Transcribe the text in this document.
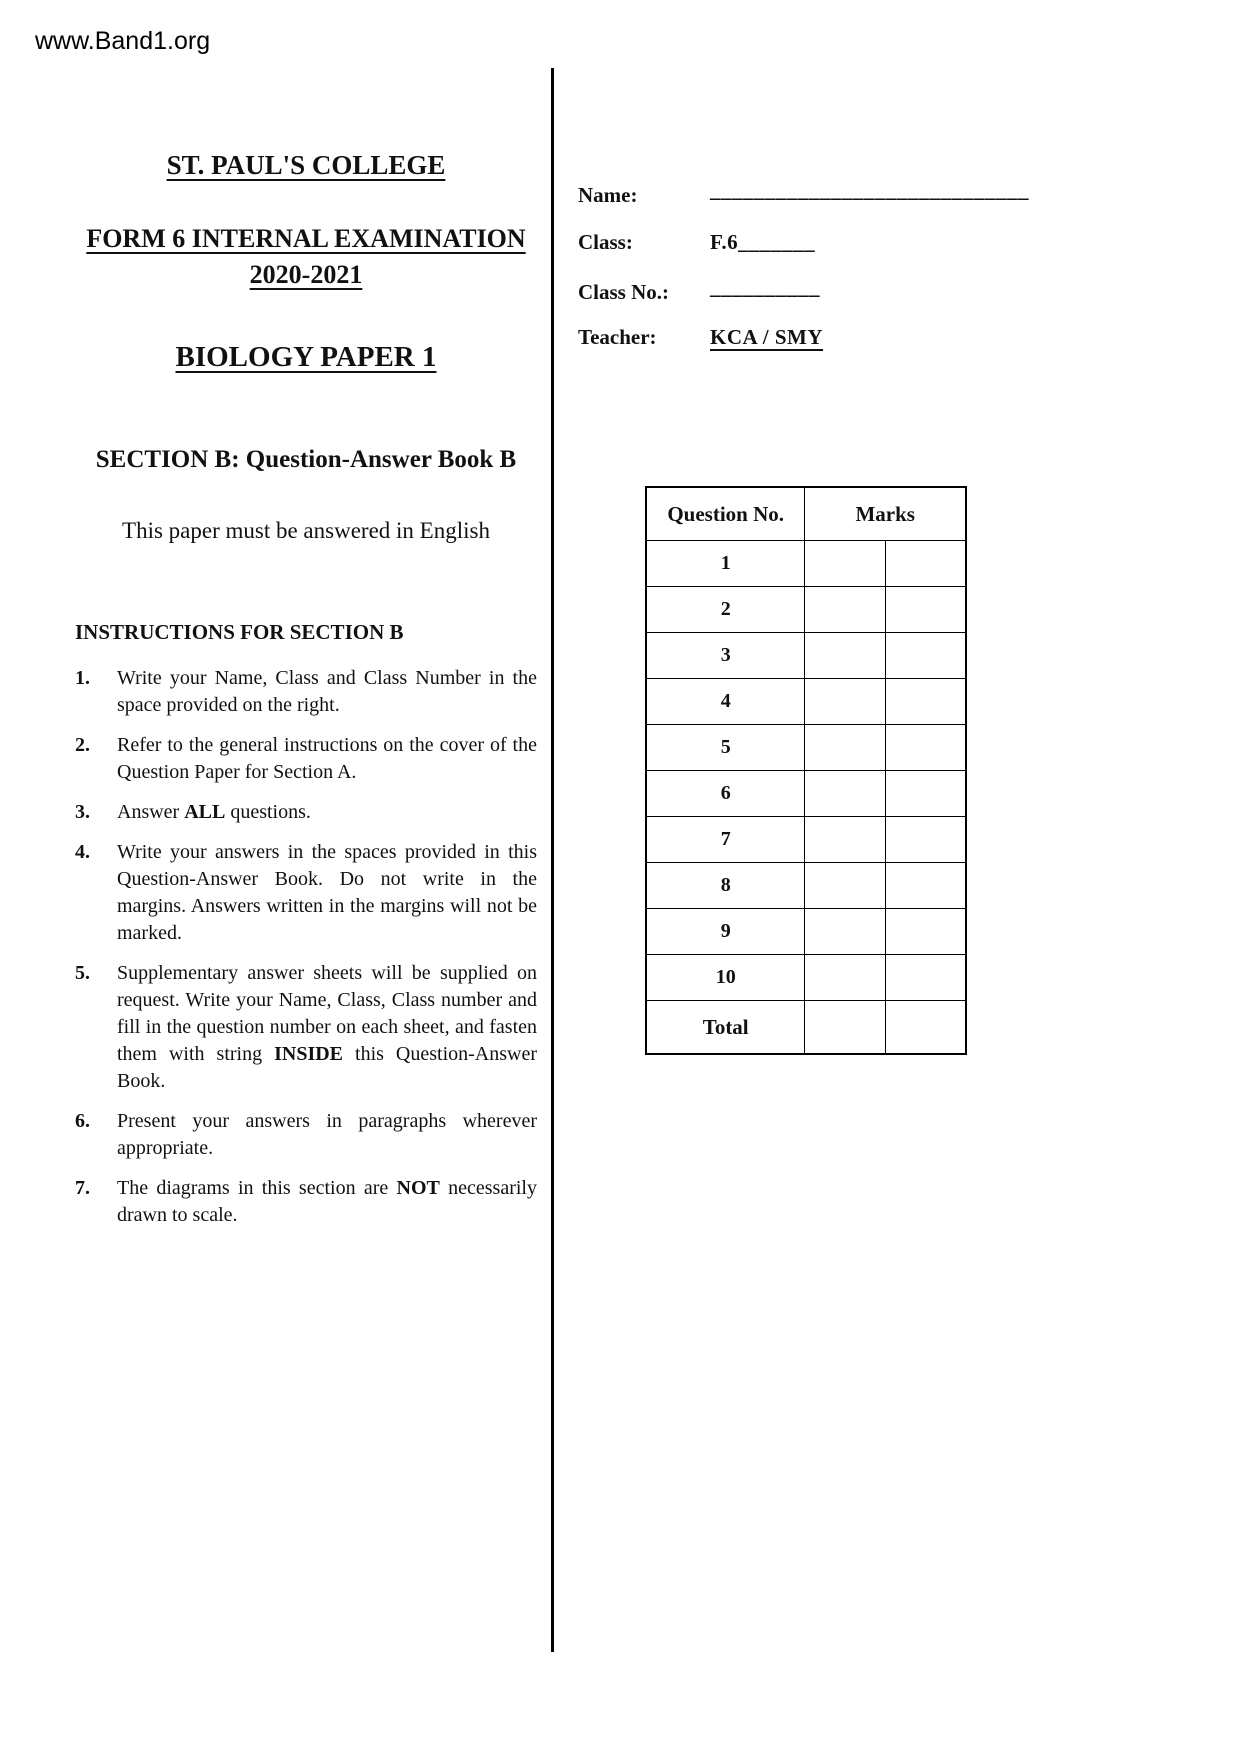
www.Band1.org
ST. PAUL'S COLLEGE
FORM 6 INTERNAL EXAMINATION
2020-2021
BIOLOGY PAPER 1
SECTION B: Question-Answer Book B
This paper must be answered in English
INSTRUCTIONS FOR SECTION B
1.	Write your Name, Class and Class Number in the space provided on the right.
2.	Refer to the general instructions on the cover of the Question Paper for Section A.
3.	Answer ALL questions.
4.	Write your answers in the spaces provided in this Question-Answer Book. Do not write in the margins. Answers written in the margins will not be marked.
5.	Supplementary answer sheets will be supplied on request. Write your Name, Class, Class number and fill in the question number on each sheet, and fasten them with string INSIDE this Question-Answer Book.
6.	Present your answers in paragraphs wherever appropriate.
7.	The diagrams in this section are NOT necessarily drawn to scale.
Name:	_____________________________
Class:	F.6_______
Class No.: __________
Teacher:	KCA / SMY
Question No.	Marks	
1		
2		
3		
4		
5		
6		
7		
8		
9		
10		
Total		
